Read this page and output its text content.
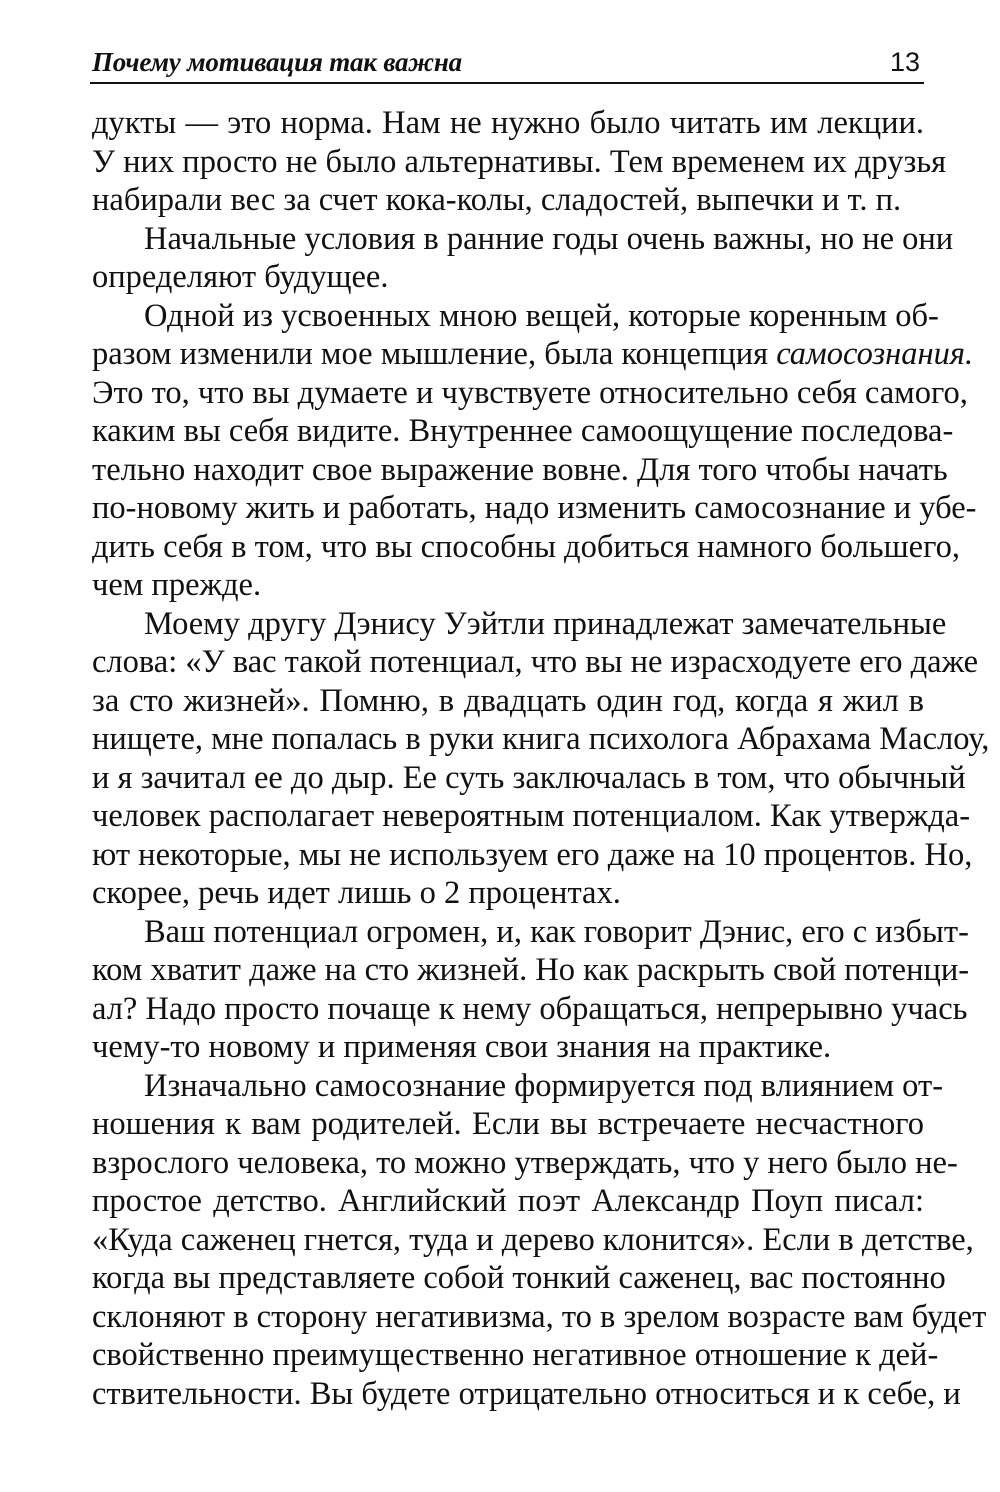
Почему мотивация так важна	13

дукты — это норма. Нам не нужно было читать им лекции.

У них просто не было альтернативы. Тем временем их друзья

набирали вес за счет кока-колы, сладостей, выпечки и т. п.

Начальные условия в ранние годы очень важны, но не они

определяют будущее.

Одной из усвоенных мною вещей, которые коренным об-

разом изменили мое мышление, была концепция самосознания.

Это то, что вы думаете и чувствуете относительно себя самого,

каким вы себя видите. Внутреннее самоощущение последова-

тельно находит свое выражение вовне. Для того чтобы начать

по-новому жить и работать, надо изменить самосознание и убе-

дить себя в том, что вы способны добиться намного большего,

чем прежде.

Моему другу Дэнису Уэйтли принадлежат замечательные

слова: «У вас такой потенциал, что вы не израсходуете его даже

за сто жизней». Помню, в двадцать один год, когда я жил в

нищете, мне попалась в руки книга психолога Абрахама Маслоу,

и я зачитал ее до дыр. Ее суть заключалась в том, что обычный

человек располагает невероятным потенциалом. Как утвержда-

ют некоторые, мы не используем его даже на 10 процентов. Но,

скорее, речь идет лишь о 2 процентах.

Ваш потенциал огромен, и, как говорит Дэнис, его с избыт-

ком хватит даже на сто жизней. Но как раскрыть свой потенци-

ал? Надо просто почаще к нему обращаться, непрерывно учась

чему-то новому и применяя свои знания на практике.

Изначально самосознание формируется под влиянием от-

ношения к вам родителей. Если вы встречаете несчастного

взрослого человека, то можно утверждать, что у него было не-

простое детство. Английский поэт Александр Поуп писал:

«Куда саженец гнется, туда и дерево клонится». Если в детстве,

когда вы представляете собой тонкий саженец, вас постоянно

склоняют в сторону негативизма, то в зрелом возрасте вам будет

свойственно преимущественно негативное отношение к дей-

ствительности. Вы будете отрицательно относиться и к себе, и
